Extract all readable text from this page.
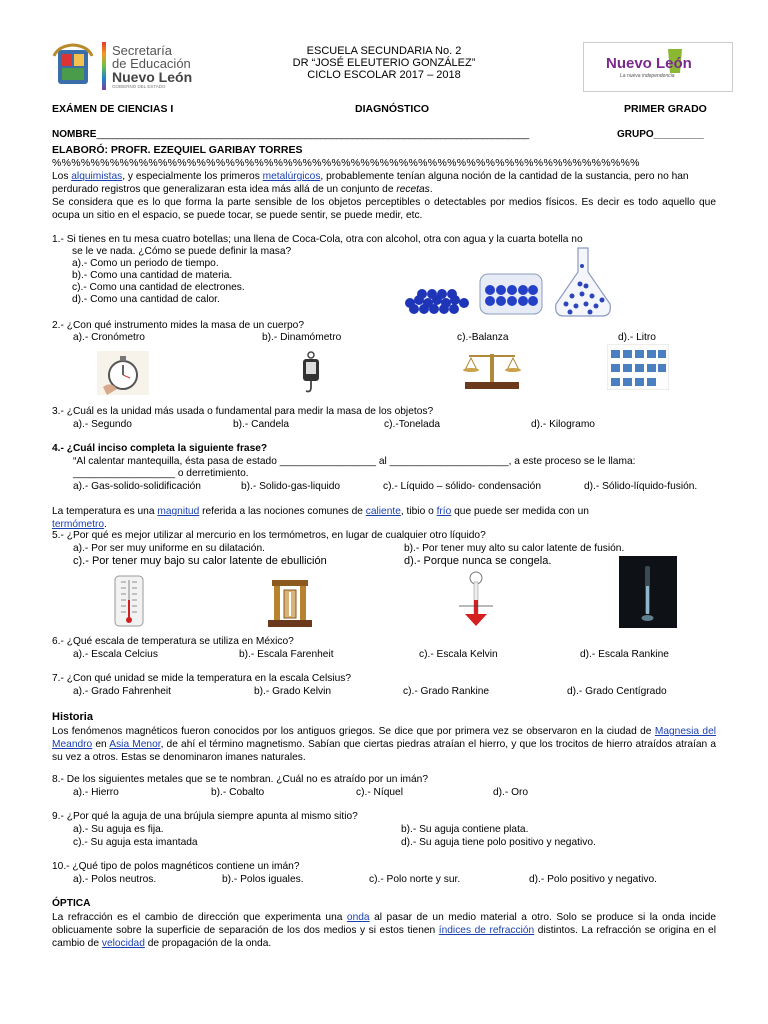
Secretaría
de Educación
Nuevo León
GOBIERNO DEL ESTADO
ESCUELA SECUNDARIA No. 2
DR “JOSÉ ELEUTERIO GONZÁLEZ”
CICLO ESCOLAR 2017 – 2018
Nuevo León
La nueva independencia
EXÁMEN DE CIENCIAS I	DIAGNÓSTICO	PRIMER GRADO
NOMBRE___________________________________________________________________________________	GRUPO_________
ELABORÓ: PROFR. EZEQUIEL GARIBAY TORRES
%%%%%%%%%%%%%%%%%%%%%%%%%%%%%%%%%%%%%%%%%%%%%%%%%%%%%%%%%%%%%
Los alquimistas, y especialmente los primeros metalúrgicos, probablemente tenían alguna noción de la cantidad de la sustancia, pero no han perdurado registros que generalizaran esta idea más allá de un conjunto de recetas.
Se considera que es lo que forma la parte sensible de los objetos perceptibles o detectables por medios físicos. Es decir es todo aquello que ocupa un sitio en el espacio, se puede tocar, se puede sentir, se puede medir, etc.
1.- Si tienes en tu mesa cuatro botellas; una llena de Coca-Cola, otra con alcohol, otra con agua y la cuarta botella no
se le ve nada. ¿Cómo se puede definir la masa?
a).- Como un periodo de tiempo.
b).- Como una cantidad de materia.
c).- Como una cantidad de electrones.
d).- Como una cantidad de calor.
2.- ¿Con qué instrumento mides la masa de un cuerpo?
a).- Cronómetro	b).- Dinamómetro	c).-Balanza	d).- Litro
3.- ¿Cuál es la unidad más usada o fundamental para medir la masa de los objetos?
a).- Segundo	b).- Candela	c).-Tonelada	d).- Kilogramo
4.- ¿Cuál inciso completa la siguiente frase?
“Al calentar mantequilla, ésta pasa de estado _________________ al _____________________, a este proceso se le llama:
__________________ o derretimiento.
a).- Gas-solido-solidificación	b).- Solido-gas-liquido	c).- Líquido – sólido- condensación	d).- Sólido-líquido-fusión.
La temperatura es una magnitud referida a las nociones comunes de caliente, tibio o frío que puede ser medida con un
termómetro.
5.- ¿Por qué es mejor utilizar al mercurio en los termómetros, en lugar de cualquier otro líquido?
a).- Por ser muy uniforme en su dilatación.	b).- Por tener muy alto su calor latente de fusión.
c).- Por tener muy bajo su calor latente de ebullición	d).- Porque nunca se congela.
6.- ¿Qué escala de temperatura se utiliza en México?
a).- Escala Celcius	b).- Escala Farenheit	c).- Escala Kelvin	d).- Escala Rankine
7.- ¿Con qué unidad se mide la temperatura en la escala Celsius?
a).- Grado Fahrenheit	b).- Grado Kelvin	c).- Grado Rankine	d).- Grado Centígrado
Historia
Los fenómenos magnéticos fueron conocidos por los antiguos griegos. Se dice que por primera vez se observaron en la ciudad de Magnesia del Meandro en Asia Menor, de ahí el término magnetismo. Sabían que ciertas piedras atraían el hierro, y que los trocitos de hierro atraídos atraían a su vez a otros. Estas se denominaron imanes naturales.
8.- De los siguientes metales que se te nombran. ¿Cuál no es atraído por un imán?
a).- Hierro	b).- Cobalto	c).- Níquel	d).- Oro
9.- ¿Por qué la aguja de una brújula siempre apunta al mismo sitio?
a).- Su aguja es fija.	b).- Su aguja contiene plata.
c).- Su aguja esta imantada	d).- Su aguja tiene polo positivo y negativo.
10.- ¿Qué tipo de polos magnéticos contiene un imán?
a).- Polos neutros.	b).- Polos iguales.	c).- Polo norte y sur.	d).- Polo positivo y negativo.
ÓPTICA
La refracción es el cambio de dirección que experimenta una onda al pasar de un medio material a otro. Solo se produce si la onda incide oblicuamente sobre la superficie de separación de los dos medios y si estos tienen índices de refracción distintos. La refracción se origina en el cambio de velocidad de propagación de la onda.
